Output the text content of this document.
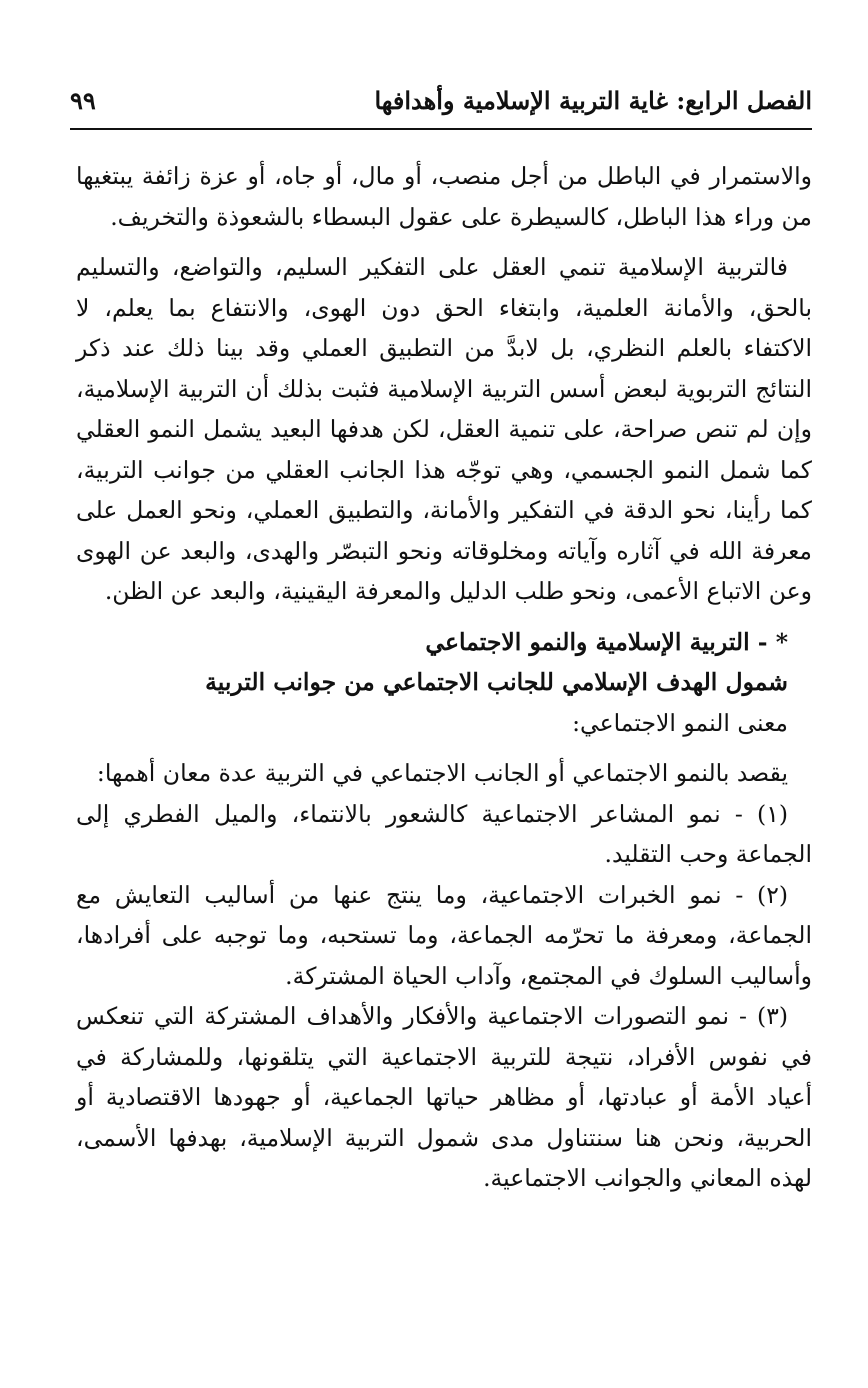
الفصل الرابع: غاية التربية الإسلامية وأهدافها
٩٩

والاستمرار في الباطل من أجل منصب، أو مال، أو جاه، أو عزة زائفة يبتغيها من وراء هذا الباطل، كالسيطرة على عقول البسطاء بالشعوذة والتخريف.

فالتربية الإسلامية تنمي العقل على التفكير السليم، والتواضع، والتسليم بالحق، والأمانة العلمية، وابتغاء الحق دون الهوى، والانتفاع بما يعلم، لا الاكتفاء بالعلم النظري، بل لابدَّ من التطبيق العملي وقد بينا ذلك عند ذكر النتائج التربوية لبعض أسس التربية الإسلامية فثبت بذلك أن التربية الإسلامية، وإن لم تنص صراحة، على تنمية العقل، لكن هدفها البعيد يشمل النمو العقلي كما شمل النمو الجسمي، وهي توجّه هذا الجانب العقلي من جوانب التربية، كما رأينا، نحو الدقة في التفكير والأمانة، والتطبيق العملي، ونحو العمل على معرفة الله في آثاره وآياته ومخلوقاته ونحو التبصّر والهدى، والبعد عن الهوى وعن الاتباع الأعمى، ونحو طلب الدليل والمعرفة اليقينية، والبعد عن الظن.

* - التربية الإسلامية والنمو الاجتماعي

شمول الهدف الإسلامي للجانب الاجتماعي من جوانب التربية

معنى النمو الاجتماعي:

يقصد بالنمو الاجتماعي أو الجانب الاجتماعي في التربية عدة معان أهمها:

(١) - نمو المشاعر الاجتماعية كالشعور بالانتماء، والميل الفطري إلى الجماعة وحب التقليد.

(٢) - نمو الخبرات الاجتماعية، وما ينتج عنها من أساليب التعايش مع الجماعة، ومعرفة ما تحرّمه الجماعة، وما تستحبه، وما توجبه على أفرادها، وأساليب السلوك في المجتمع، وآداب الحياة المشتركة.

(٣) - نمو التصورات الاجتماعية والأفكار والأهداف المشتركة التي تنعكس في نفوس الأفراد، نتيجة للتربية الاجتماعية التي يتلقونها، وللمشاركة في أعياد الأمة أو عبادتها، أو مظاهر حياتها الجماعية، أو جهودها الاقتصادية أو الحربية، ونحن هنا سنتناول مدى شمول التربية الإسلامية، بهدفها الأسمى، لهذه المعاني والجوانب الاجتماعية.
